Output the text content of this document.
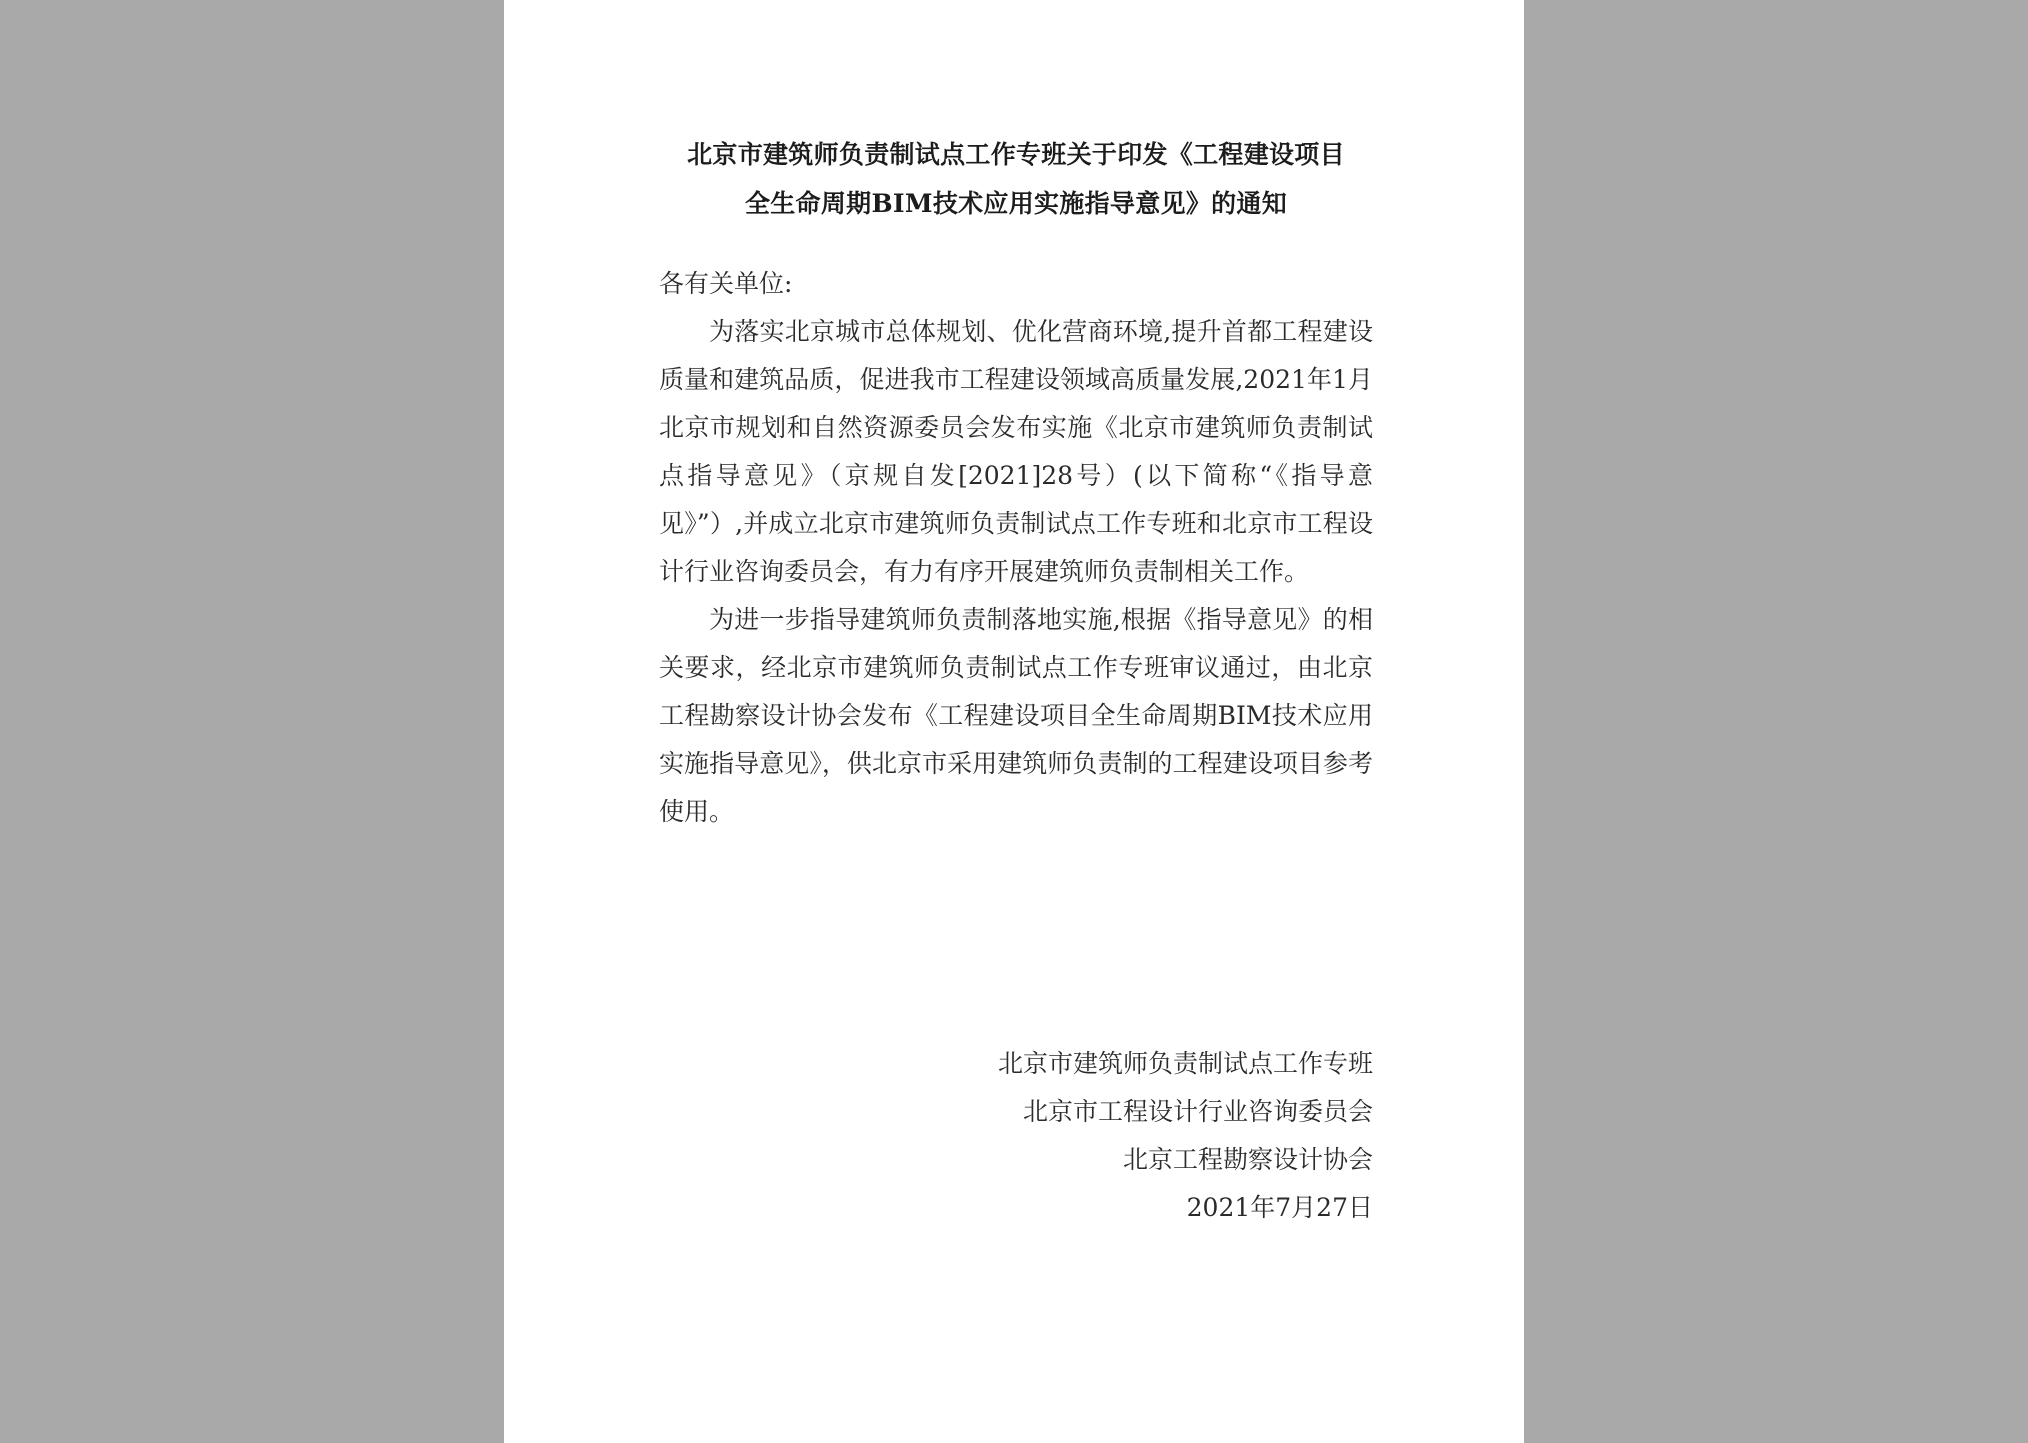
北京市建筑师负责制试点工作专班关于印发《工程建设项目
全生命周期BIM技术应用实施指导意见》的通知

各有关单位:

为落实北京城市总体规划、优化营商环境,提升首都工程建设质量和建筑品质，促进我市工程建设领域高质量发展,2021年1月北京市规划和自然资源委员会发布实施《北京市建筑师负责制试点指导意见》（京规自发[2021]28号）(以下简称“《指导意见》”）,并成立北京市建筑师负责制试点工作专班和北京市工程设计行业咨询委员会，有力有序开展建筑师负责制相关工作。

为进一步指导建筑师负责制落地实施,根据《指导意见》的相关要求，经北京市建筑师负责制试点工作专班审议通过，由北京工程勘察设计协会发布《工程建设项目全生命周期BIM技术应用实施指导意见》，供北京市采用建筑师负责制的工程建设项目参考使用。

北京市建筑师负责制试点工作专班
北京市工程设计行业咨询委员会
北京工程勘察设计协会
2021年7月27日
